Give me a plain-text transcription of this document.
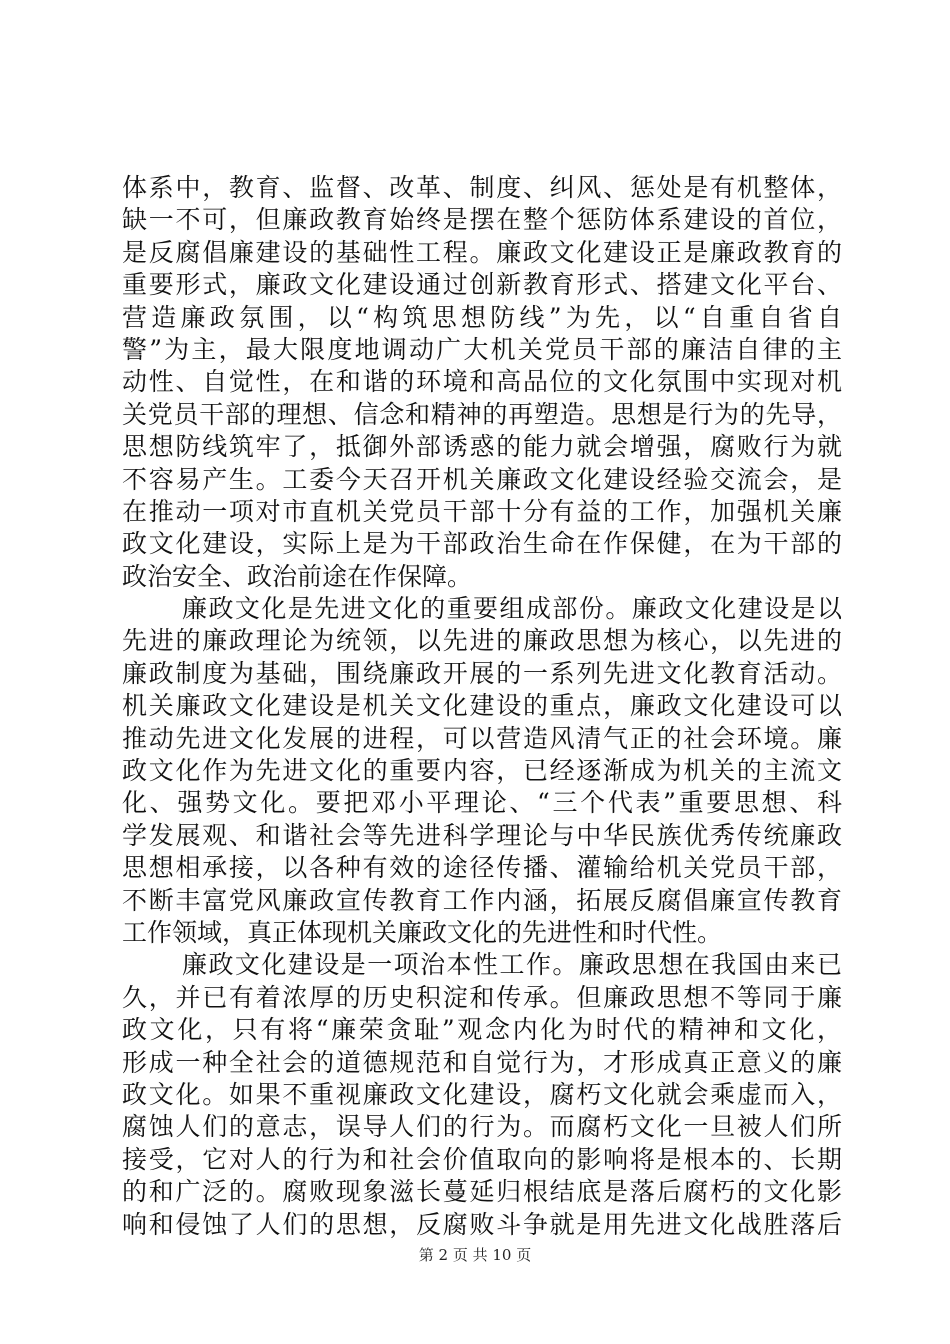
体系中，教育、监督、改革、制度、纠风、惩处是有机整体，
缺一不可，但廉政教育始终是摆在整个惩防体系建设的首位，
是反腐倡廉建设的基础性工程。廉政文化建设正是廉政教育的
重要形式，廉政文化建设通过创新教育形式、搭建文化平台、
营造廉政氛围，以“构筑思想防线”为先，以“自重自省自
警”为主，最大限度地调动广大机关党员干部的廉洁自律的主
动性、自觉性，在和谐的环境和高品位的文化氛围中实现对机
关党员干部的理想、信念和精神的再塑造。思想是行为的先导，
思想防线筑牢了，抵御外部诱惑的能力就会增强，腐败行为就
不容易产生。工委今天召开机关廉政文化建设经验交流会，是
在推动一项对市直机关党员干部十分有益的工作，加强机关廉
政文化建设，实际上是为干部政治生命在作保健，在为干部的
政治安全、政治前途在作保障。
廉政文化是先进文化的重要组成部份。廉政文化建设是以
先进的廉政理论为统领，以先进的廉政思想为核心，以先进的
廉政制度为基础，围绕廉政开展的一系列先进文化教育活动。
机关廉政文化建设是机关文化建设的重点，廉政文化建设可以
推动先进文化发展的进程，可以营造风清气正的社会环境。廉
政文化作为先进文化的重要内容，已经逐渐成为机关的主流文
化、强势文化。要把邓小平理论、“三个代表”重要思想、科
学发展观、和谐社会等先进科学理论与中华民族优秀传统廉政
思想相承接，以各种有效的途径传播、灌输给机关党员干部，
不断丰富党风廉政宣传教育工作内涵，拓展反腐倡廉宣传教育
工作领域，真正体现机关廉政文化的先进性和时代性。
廉政文化建设是一项治本性工作。廉政思想在我国由来已
久，并已有着浓厚的历史积淀和传承。但廉政思想不等同于廉
政文化，只有将“廉荣贪耻”观念内化为时代的精神和文化，
形成一种全社会的道德规范和自觉行为，才形成真正意义的廉
政文化。如果不重视廉政文化建设，腐朽文化就会乘虚而入，
腐蚀人们的意志，误导人们的行为。而腐朽文化一旦被人们所
接受，它对人的行为和社会价值取向的影响将是根本的、长期
的和广泛的。腐败现象滋长蔓延归根结底是落后腐朽的文化影
响和侵蚀了人们的思想，反腐败斗争就是用先进文化战胜落后
第 2 页 共 10 页
